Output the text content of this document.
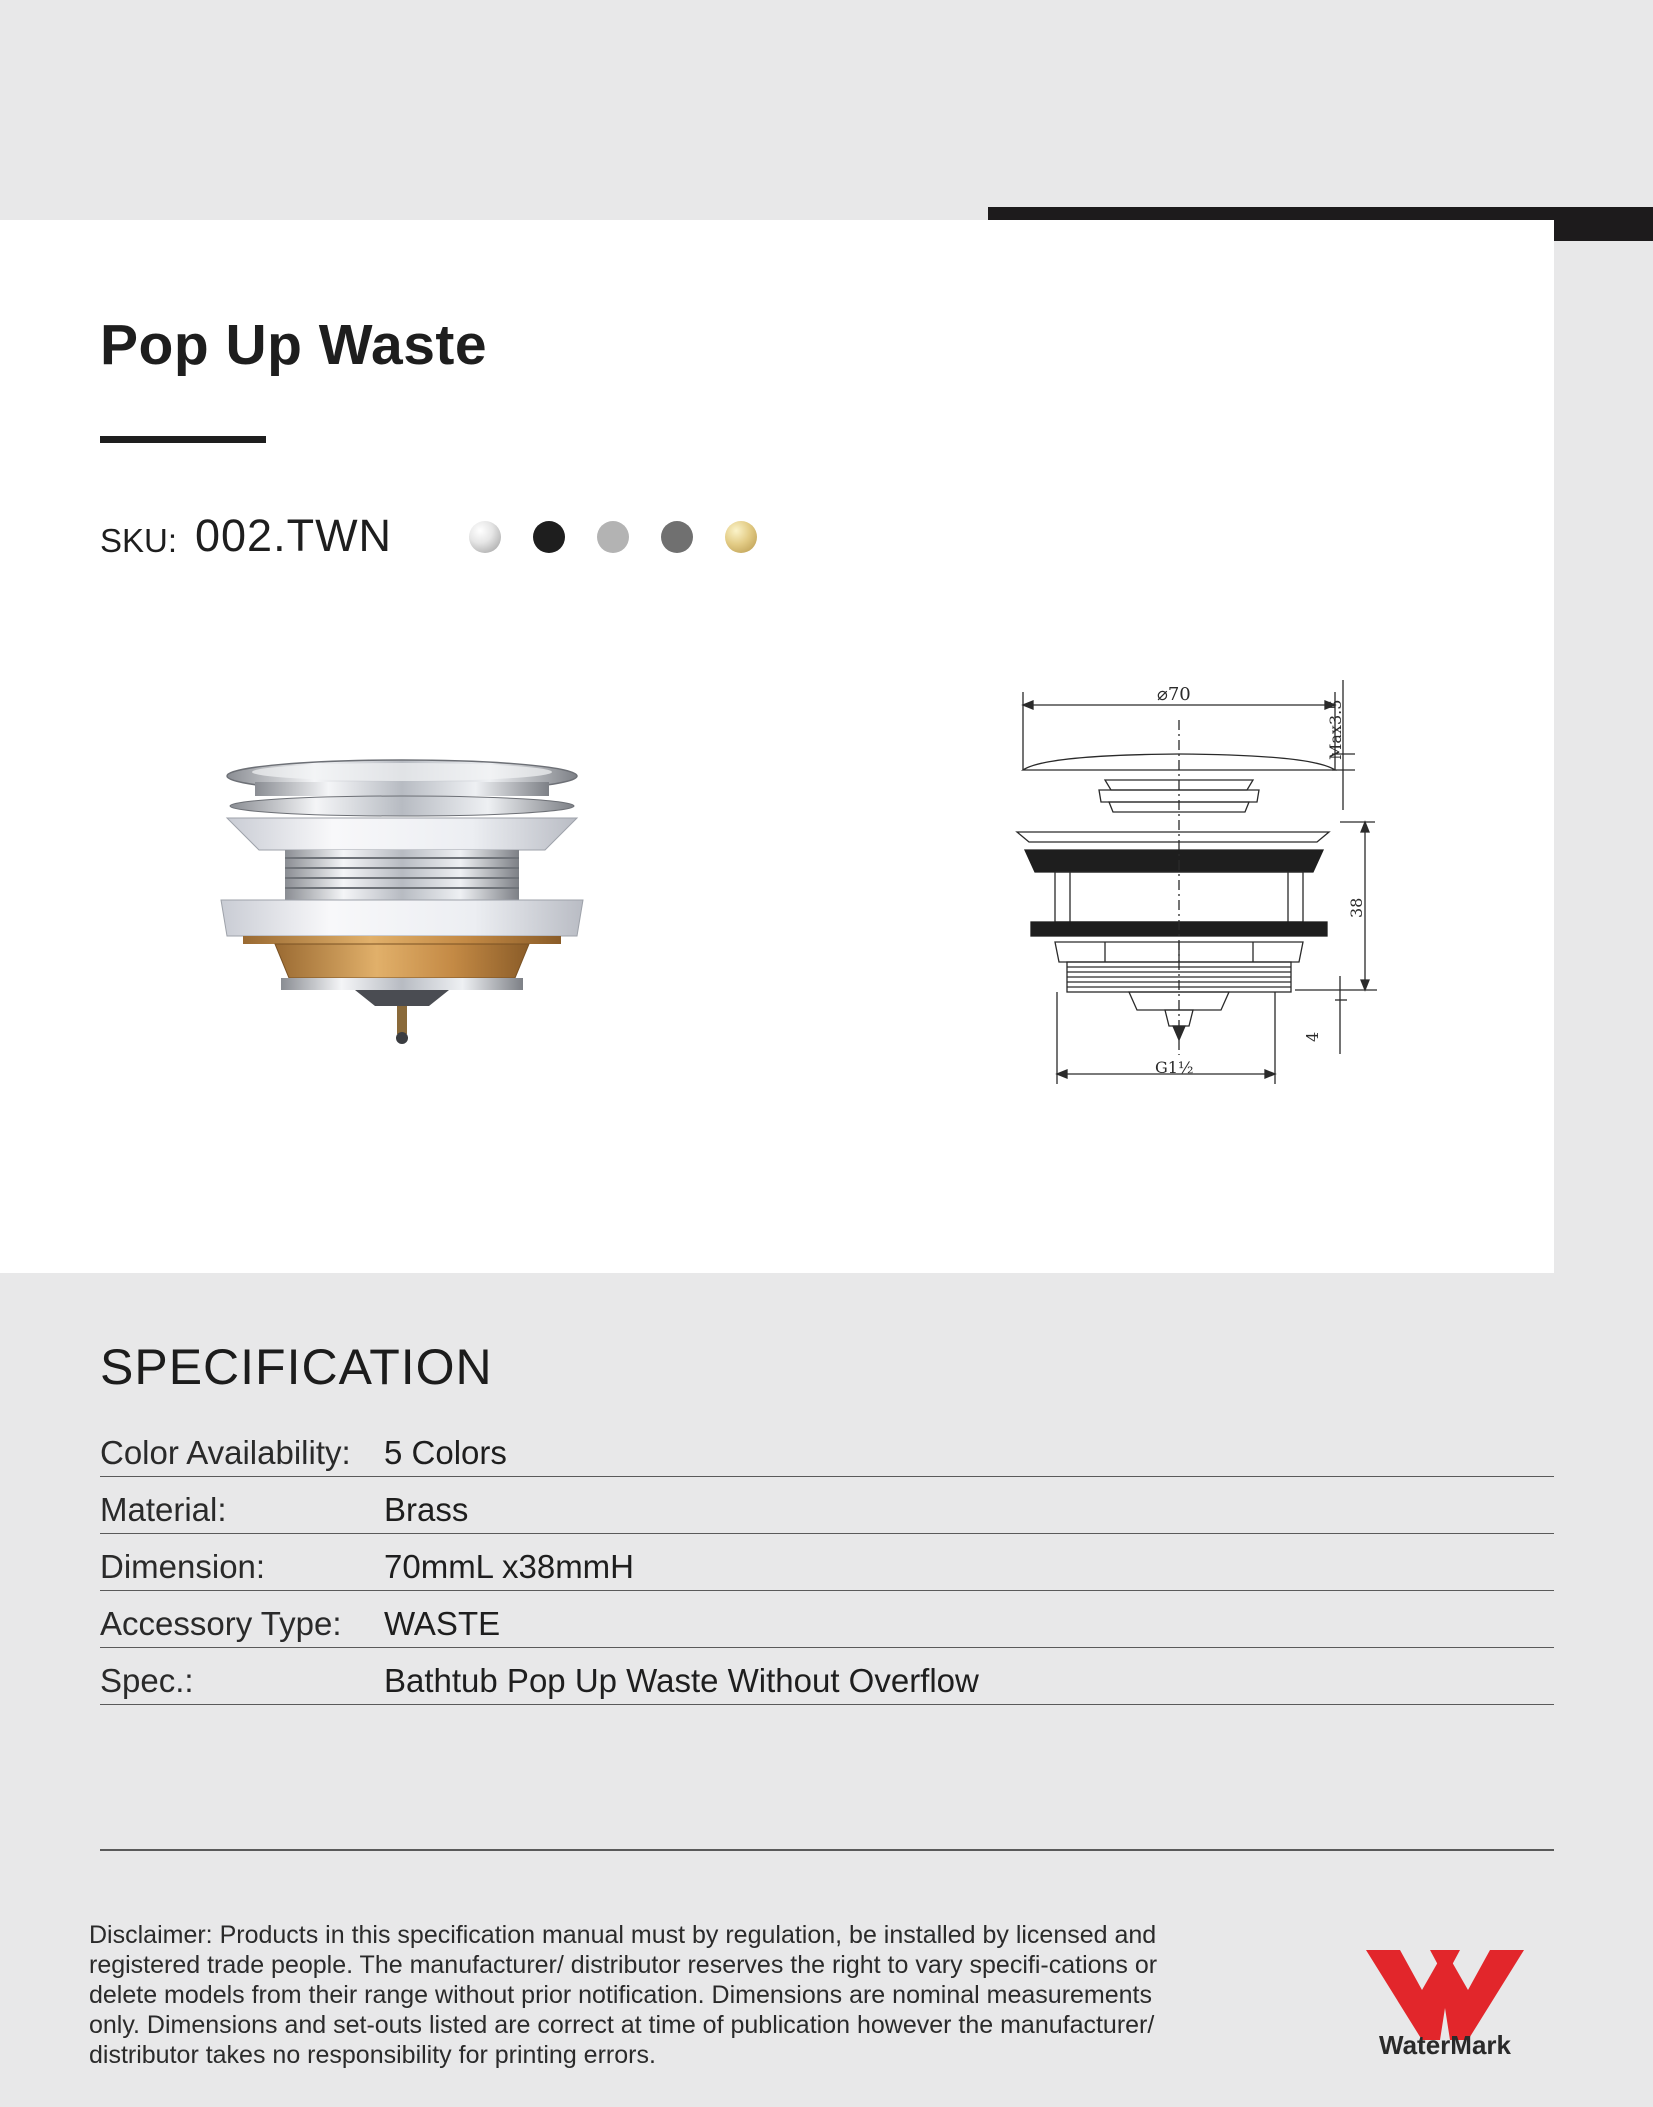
Pop Up Waste
SKU: 002.TWN
⌀70
Max3.5
38
4
G1½
SPECIFICATION
Color Availability: 5 Colors
Material:	Brass
Dimension:	70mmL x38mmH
Accessory Type: WASTE
Spec.:	Bathtub Pop Up Waste Without Overflow

Disclaimer: Products in this specification manual must by regulation, be installed by licensed and registered trade people. The manufacturer/ distributor reserves the right to vary specifi-cations or delete models from their range without prior notification. Dimensions are nominal measurements only. Dimensions and set-outs listed are correct at time of publication however the manufacturer/ distributor takes no responsibility for printing errors.	WaterMark
